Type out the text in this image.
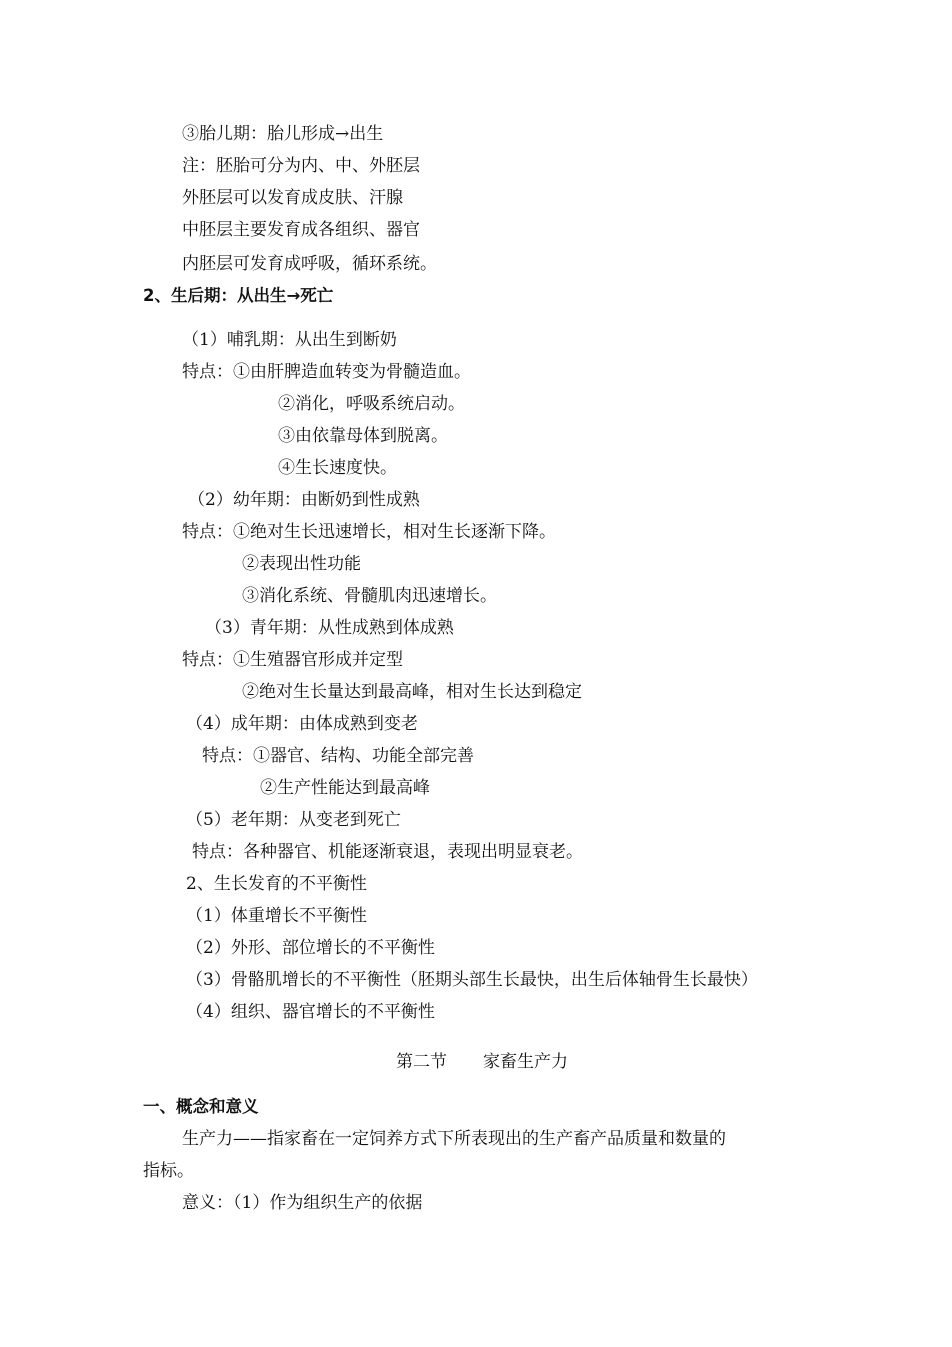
③胎儿期：胎儿形成→出生

注：胚胎可分为内、中、外胚层

外胚层可以发育成皮肤、汗腺

中胚层主要发育成各组织、器官

内胚层可发育成呼吸，循环系统。

2、生后期：从出生→死亡

（1）哺乳期：从出生到断奶

特点：①由肝脾造血转变为骨髓造血。

②消化，呼吸系统启动。

③由依靠母体到脱离。

④生长速度快。

（2）幼年期：由断奶到性成熟

特点：①绝对生长迅速增长，相对生长逐渐下降。

②表现出性功能

③消化系统、骨髓肌肉迅速增长。

（3）青年期：从性成熟到体成熟

特点：①生殖器官形成并定型

②绝对生长量达到最高峰，相对生长达到稳定

（4）成年期：由体成熟到变老

特点：①器官、结构、功能全部完善

②生产性能达到最高峰

（5）老年期：从变老到死亡

特点：各种器官、机能逐渐衰退，表现出明显衰老。

2、生长发育的不平衡性

（1）体重增长不平衡性

（2）外形、部位增长的不平衡性

（3）骨骼肌增长的不平衡性（胚期头部生长最快，出生后体轴骨生长最快）

（4）组织、器官增长的不平衡性

第二节 家畜生产力

一、概念和意义

生产力——指家畜在一定饲养方式下所表现出的生产畜产品质量和数量的

指标。

意义：（1）作为组织生产的依据
